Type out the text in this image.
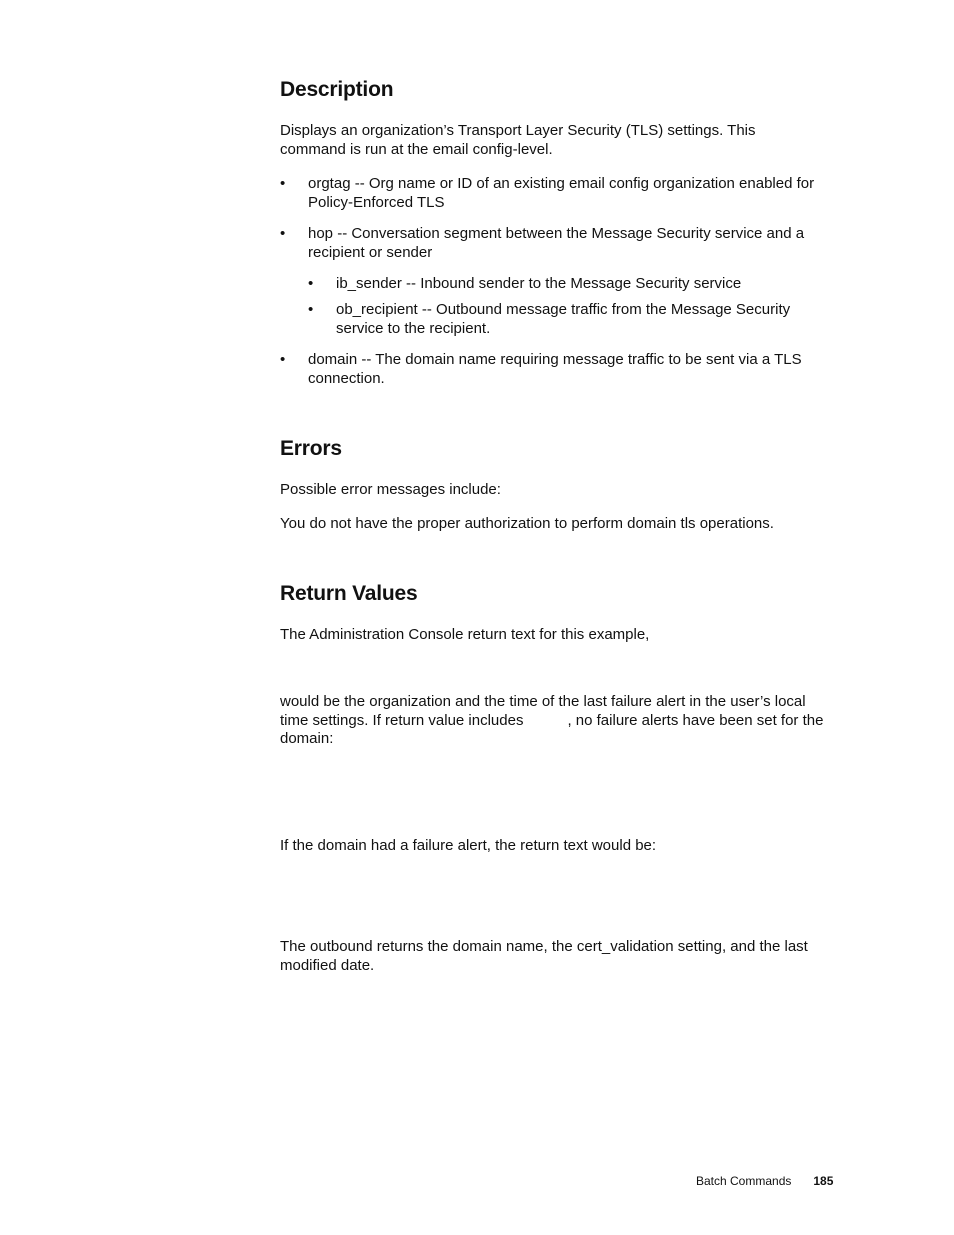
Description
Displays an organization’s Transport Layer Security (TLS) settings. This
command is run at the email config-level.
• orgtag -- Org name or ID of an existing email config organization enabled for
Policy-Enforced TLS
• hop -- Conversation segment between the Message Security service and a
recipient or sender
• ib_sender -- Inbound sender to the Message Security service
• ob_recipient -- Outbound message traffic from the Message Security
service to the recipient.
• domain -- The domain name requiring message traffic to be sent via a TLS
connection.
Errors

Possible error messages include:

You do not have the proper authorization to perform domain tls operations.

Return Values

The Administration Console return text for this example,

would be the organization and the time of the last failure alert in the user’s local
time settings. If return value includes	, no failure alerts have been set for the
domain:

If the domain had a failure alert, the return text would be:

The outbound returns the domain name, the cert_validation setting, and the last
modified date.
Batch Commands 185
